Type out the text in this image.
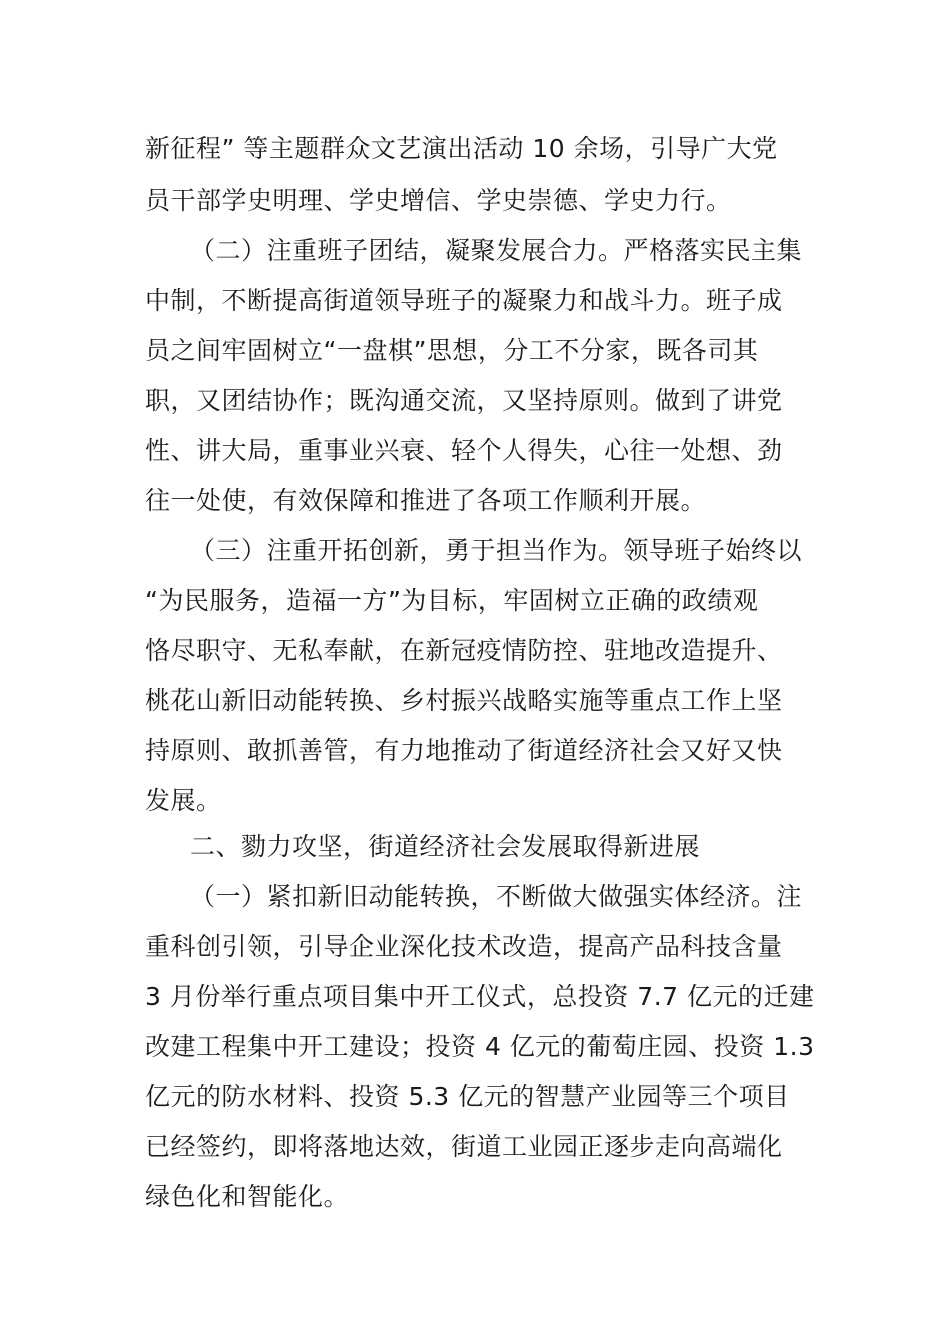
新征程” 等主题群众文艺演出活动 10 余场，引导广大党
员干部学史明理、学史增信、学史崇德、学史力行。
（二）注重班子团结，凝聚发展合力。严格落实民主集
中制，不断提高街道领导班子的凝聚力和战斗力。班子成
员之间牢固树立“一盘棋”思想，分工不分家，既各司其
职，又团结协作；既沟通交流，又坚持原则。做到了讲党
性、讲大局，重事业兴衰、轻个人得失，心往一处想、劲
往一处使，有效保障和推进了各项工作顺利开展。
（三）注重开拓创新，勇于担当作为。领导班子始终以
“为民服务，造福一方”为目标，牢固树立正确的政绩观
恪尽职守、无私奉献，在新冠疫情防控、驻地改造提升、
桃花山新旧动能转换、乡村振兴战略实施等重点工作上坚
持原则、敢抓善管，有力地推动了街道经济社会又好又快
发展。
二、勠力攻坚，街道经济社会发展取得新进展
（一）紧扣新旧动能转换，不断做大做强实体经济。注
重科创引领，引导企业深化技术改造，提高产品科技含量
3 月份举行重点项目集中开工仪式，总投资 7.7 亿元的迁建
改建工程集中开工建设；投资 4 亿元的葡萄庄园、投资 1.3
亿元的防水材料、投资 5.3 亿元的智慧产业园等三个项目
已经签约，即将落地达效，街道工业园正逐步走向高端化
绿色化和智能化。
